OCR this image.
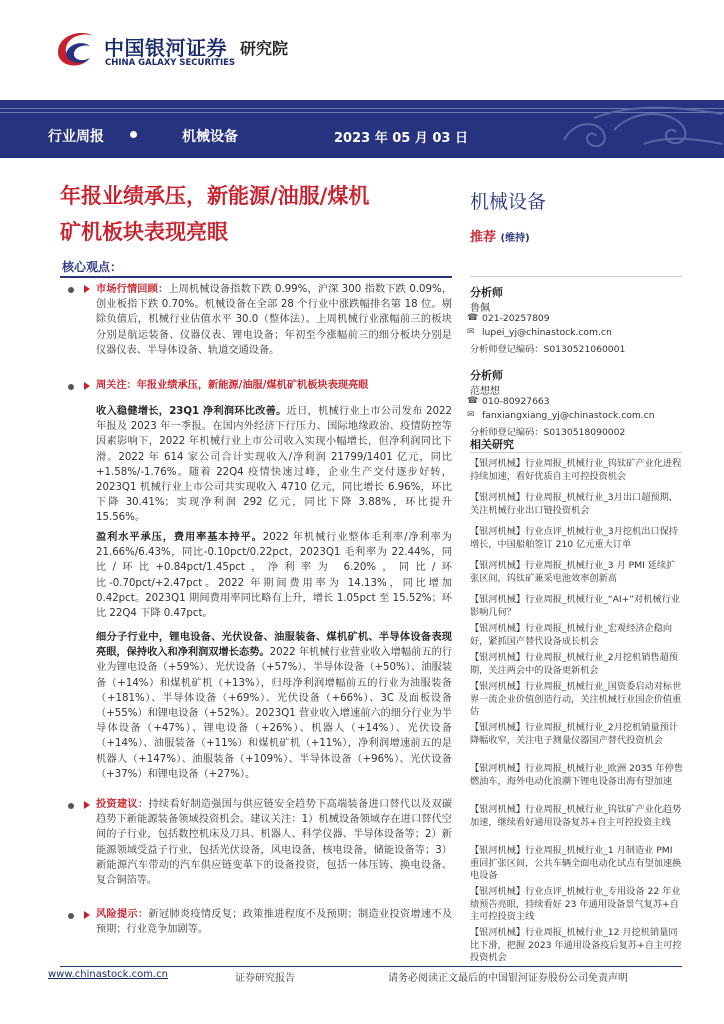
中国银河证券
CHINA GALAXY SECURITIES
研究院
行业周报	机械设备	2023 年 05 月 03 日
年报业绩承压，新能源/油服/煤机
矿机板块表现亮眼
机械设备
推荐 (维持)
核心观点：
市场行情回顾：上周机械设备指数下跌 0.99%，沪深 300 指数下跌 0.09%，创业板指下跌 0.70%。机械设备在全部 28 个行业中涨跌幅排名第 18 位。剔除负值后，机械行业估值水平 30.0（整体法）。上周机械行业涨幅前三的板块分别是航运装备、仪器仪表、锂电设备；年初至今涨幅前三的细分板块分别是仪器仪表、半导体设备、轨道交通设备。
周关注：年报业绩承压，新能源/油服/煤机矿机板块表现亮眼
收入稳健增长，23Q1 净利润环比改善。近日，机械行业上市公司发布 2022 年报及 2023 年一季报。在国内外经济下行压力、国际地缘政治、疫情防控等因素影响下，2022 年机械行业上市公司收入实现小幅增长，但净利润同比下滑。2022 年 614 家公司合计实现收入/净利润 21799/1401 亿元，同比+1.58%/-1.76%。随着 22Q4 疫情快速过峰，企业生产交付逐步好转，2023Q1 机械行业上市公司共实现收入 4710 亿元，同比增长 6.96%，环比下降 30.41%；实现净利润 292 亿元，同比下降 3.88%，环比提升 15.56%。
盈利水平承压，费用率基本持平。2022 年机械行业整体毛利率/净利率为 21.66%/6.43%，同比-0.10pct/0.22pct，2023Q1 毛利率为 22.44%，同比/环比+0.84pct/1.45pct，净利率为 6.20%，同比/环比-0.70pct/+2.47pct。2022 年期间费用率为 14.13%，同比增加 0.42pct。2023Q1 期间费用率同比略有上升，增长 1.05pct 至 15.52%；环比 22Q4 下降 0.47pct。
细分子行业中，锂电设备、光伏设备、油服装备、煤机矿机、半导体设备表现亮眼，保持收入和净利润双增长态势。2022 年机械行业营业收入增幅前五的行业为锂电设备（+59%）、光伏设备（+57%）、半导体设备（+50%）、油服装备（+14%）和煤机矿机（+13%），归母净利润增幅前五的行业为油服装备（+181%）、半导体设备（+69%）、光伏设备（+66%）、3C 及面板设备（+55%）和锂电设备（+52%）。2023Q1 营业收入增速前六的细分行业为半导体设备（+47%）、锂电设备（+26%）、机器人（+14%）、光伏设备（+14%）、油服装备（+11%）和煤机矿机（+11%），净利润增速前五的是机器人（+147%）、油服装备（+109%）、半导体设备（+96%）、光伏设备（+37%）和锂电设备（+27%）。
投资建议：持续看好制造强国与供应链安全趋势下高端装备进口替代以及双碳趋势下新能源装备领域投资机会。建议关注：1）机械设备领域存在进口替代空间的子行业，包括数控机床及刀具、机器人、科学仪器、半导体设备等；2）新能源领域受益子行业，包括光伏设备，风电设备，核电设备，储能设备等；3）新能源汽车带动的汽车供应链变革下的设备投资，包括一体压铸、换电设备、复合铜箔等。
风险提示：新冠肺炎疫情反复；政策推进程度不及预期；制造业投资增速不及预期；行业竞争加剧等。
分析师
鲁佩
☎ 021-20257809
✉ lupei_yj@chinastock.com.cn
分析师登记编码：S0130521060001
分析师
范想想
☎ 010-80927663
✉ fanxiangxiang_yj@chinastock.com.cn
分析师登记编码：S0130518090002
相关研究
【银河机械】行业周报_机械行业_钨钛矿产业化进程持续加速，看好优质自主可控投资机会
【银河机械】行业周报_机械行业_3月出口超预期，关注机械行业出口链投资机会
【银河机械】行业点评_机械行业_3月挖机出口保持增长，中国船舶签订 210 亿元重大订单
【银河机械】行业周报_机械行业_3 月 PMI 延续扩张区间，钨钛矿兼采电池效率创新高
【银河机械】行业周报_机械行业_“AI+”对机械行业影响几何？
【银河机械】行业周报_机械行业_宏观经济企稳向好，紧抓国产替代设备成长机会
【银河机械】行业周报_机械行业_2月挖机销售超预期，关注两会中的设备更新机会
【银河机械】行业周报_机械行业_国资委启动对标世界一流企业价值创造行动，关注机械行业国企价值重估
【银河机械】行业周报_机械行业_2月挖机销量预计降幅收窄，关注电子测量仪器国产替代投资机会
【银河机械】行业周报_机械行业_欧洲 2035 年停售燃油车，海外电动化浪潮下锂电设备出海有望加速
【银河机械】行业周报_机械行业_钨钛矿产业化趋势加速，继续看好通用设备复苏+自主可控投资主线
【银河机械】行业周报_机械行业_1 月制造业 PMI 重回扩张区间，公共车辆全面电动化试点有望加速换电设备
【银河机械】行业点评_机械行业_专用设备 22 年业绩预告亮眼，持续看好 23 年通用设备景气复苏+自主可控投资主线
【银河机械】行业周报_机械行业_12 月挖机销量同比下滑，把握 2023 年通用设备疫后复苏+自主可控投资机会
www.chinastock.com.cn	证券研究报告	请务必阅读正文最后的中国银河证券股份公司免责声明
